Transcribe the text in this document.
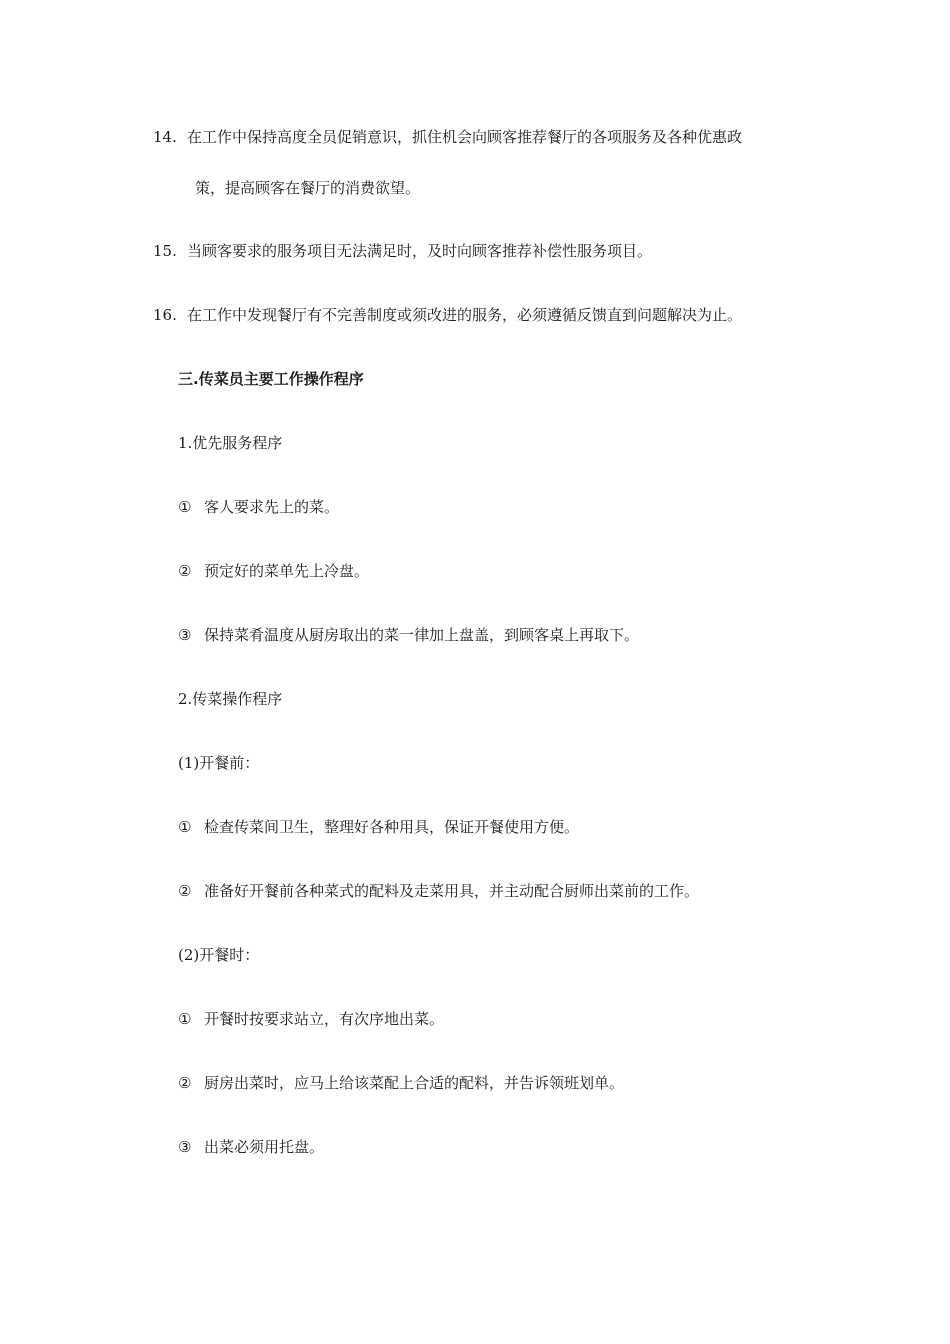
14. 在工作中保持高度全员促销意识，抓住机会向顾客推荐餐厅的各项服务及各种优惠政
策，提高顾客在餐厅的消费欲望。
15. 当顾客要求的服务项目无法满足时，及时向顾客推荐补偿性服务项目。
16. 在工作中发现餐厅有不完善制度或须改进的服务，必须遵循反馈直到问题解决为止。
三.传菜员主要工作操作程序
1.优先服务程序
① 客人要求先上的菜。
② 预定好的菜单先上冷盘。
③ 保持菜肴温度从厨房取出的菜一律加上盘盖，到顾客桌上再取下。
2.传菜操作程序
(1)开餐前：
① 检查传菜间卫生，整理好各种用具，保证开餐使用方便。
② 准备好开餐前各种菜式的配料及走菜用具，并主动配合厨师出菜前的工作。
(2)开餐时：
① 开餐时按要求站立，有次序地出菜。
② 厨房出菜时，应马上给该菜配上合适的配料，并告诉领班划单。
③ 出菜必须用托盘。
